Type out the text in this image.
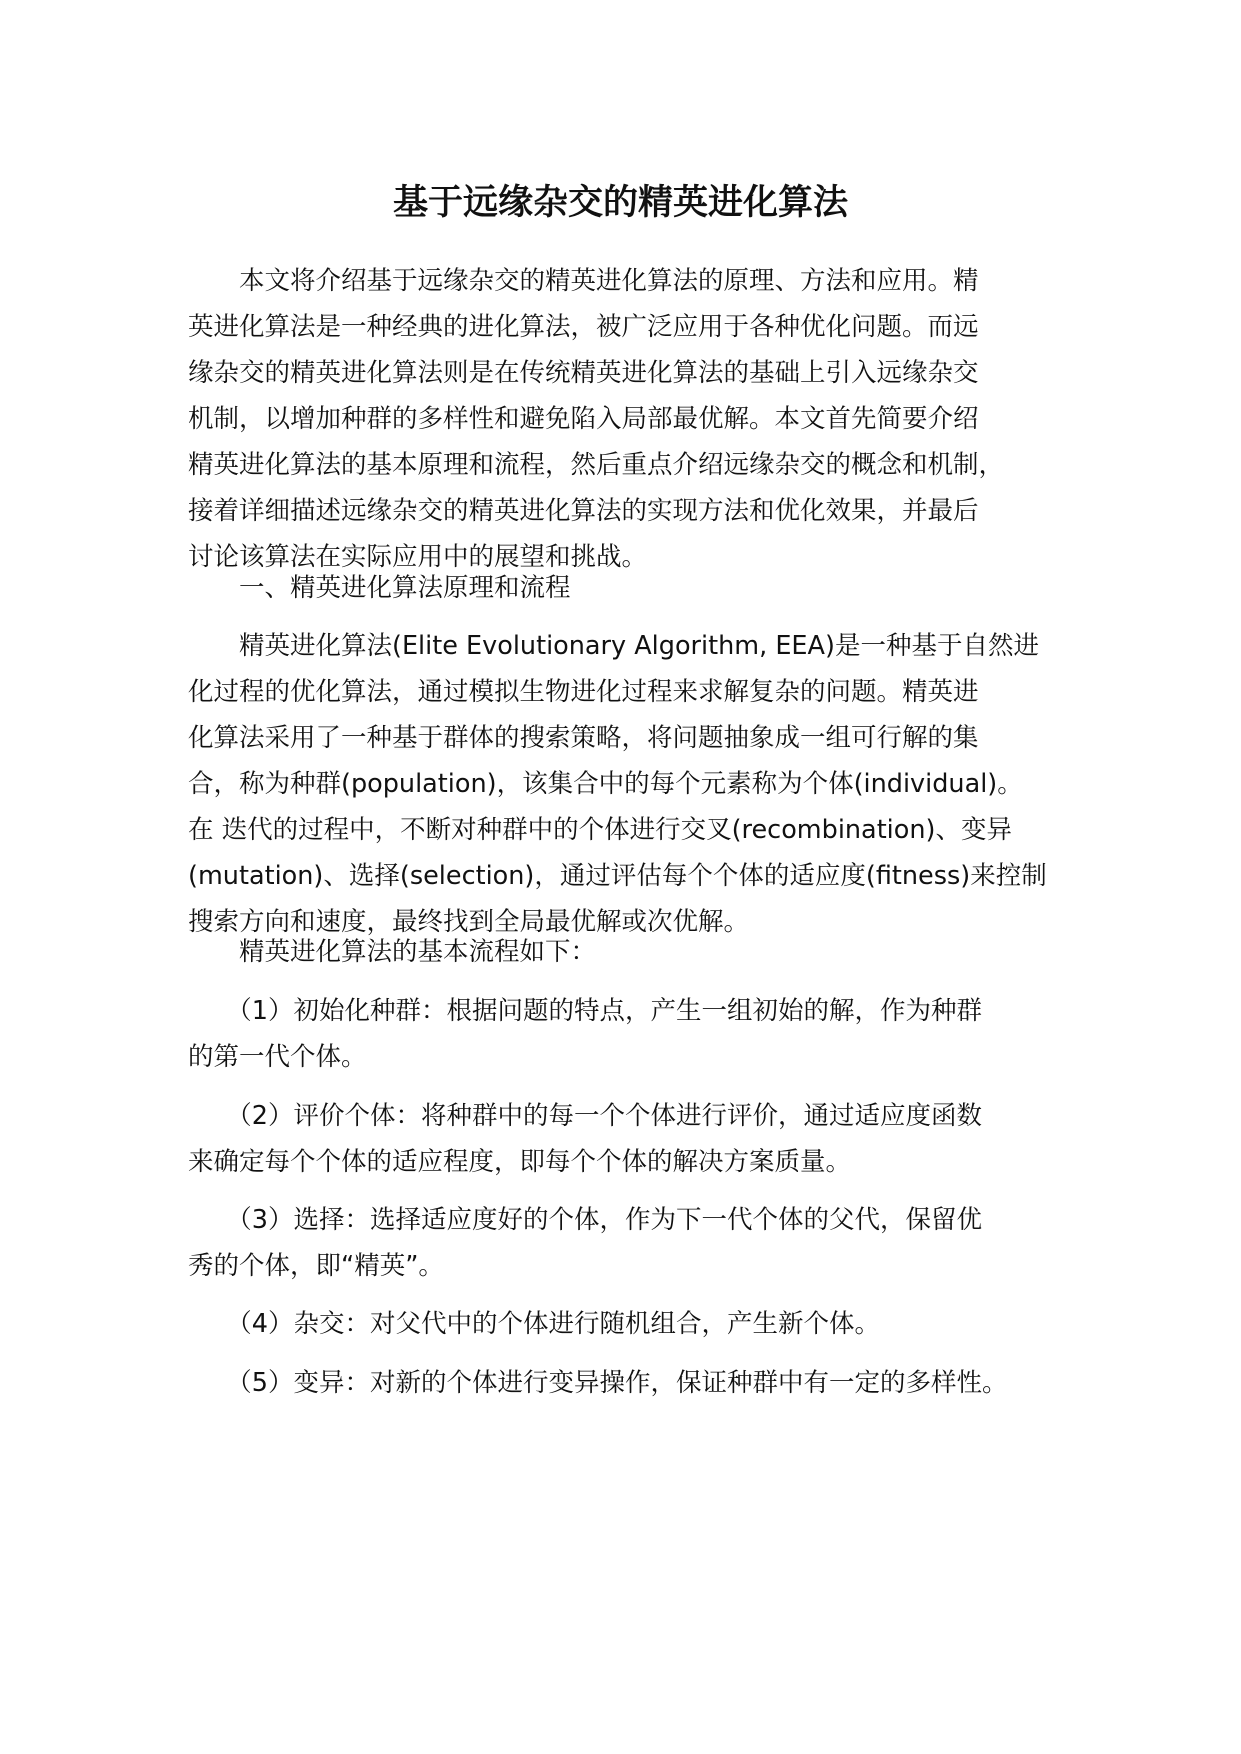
基于远缘杂交的精英进化算法
　　本文将介绍基于远缘杂交的精英进化算法的原理、方法和应用。精
英进化算法是一种经典的进化算法，被广泛应用于各种优化问题。而远
缘杂交的精英进化算法则是在传统精英进化算法的基础上引入远缘杂交
机制，以增加种群的多样性和避免陷入局部最优解。本文首先简要介绍
精英进化算法的基本原理和流程，然后重点介绍远缘杂交的概念和机制，
接着详细描述远缘杂交的精英进化算法的实现方法和优化效果，并最后
讨论该算法在实际应用中的展望和挑战。
　　一、精英进化算法原理和流程
　　精英进化算法(Elite Evolutionary Algorithm, EEA)是一种基于自然进
化过程的优化算法，通过模拟生物进化过程来求解复杂的问题。精英进
化算法采用了一种基于群体的搜索策略，将问题抽象成一组可行解的集
合，称为种群(population)，该集合中的每个元素称为个体(individual)。
在 迭代的过程中，不断对种群中的个体进行交叉(recombination)、变异
(mutation)、选择(selection)，通过评估每个个体的适应度(fitness)来控制
搜索方向和速度，最终找到全局最优解或次优解。
　　精英进化算法的基本流程如下：
　　（1）初始化种群：根据问题的特点，产生一组初始的解，作为种群
的第一代个体。
　　（2）评价个体：将种群中的每一个个体进行评价，通过适应度函数
来确定每个个体的适应程度，即每个个体的解决方案质量。
　　（3）选择：选择适应度好的个体，作为下一代个体的父代，保留优
秀的个体，即“精英”。
　　（4）杂交：对父代中的个体进行随机组合，产生新个体。
　　（5）变异：对新的个体进行变异操作，保证种群中有一定的多样性。
